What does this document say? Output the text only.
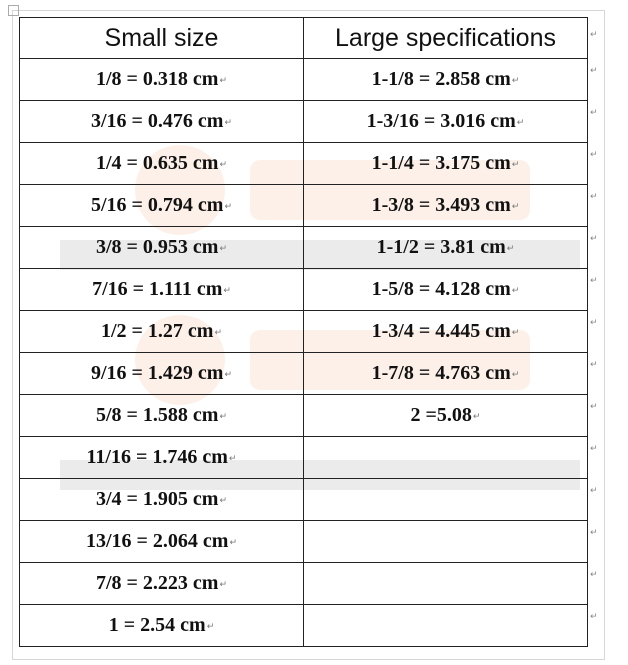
Small size	Large specifications
1/8 = 0.318 cm↵	1-1/8 = 2.858 cm↵
3/16 = 0.476 cm↵	1-3/16 = 3.016 cm↵
1/4 = 0.635 cm↵	1-1/4 = 3.175 cm↵
5/16 = 0.794 cm↵	1-3/8 = 3.493 cm↵
3/8 = 0.953 cm↵	1-1/2 = 3.81 cm↵
7/16 = 1.111 cm↵	1-5/8 = 4.128 cm↵
1/2 = 1.27 cm↵	1-3/4 = 4.445 cm↵
9/16 = 1.429 cm↵	1-7/8 = 4.763 cm↵
5/8 = 1.588 cm↵	2 =5.08↵
11/16 = 1.746 cm↵	
3/4 = 1.905 cm↵	
13/16 = 2.064 cm↵	
7/8 = 2.223 cm↵	
1 = 2.54 cm↵	
↵
↵
↵
↵
↵
↵
↵
↵
↵
↵
↵
↵
↵
↵
↵
